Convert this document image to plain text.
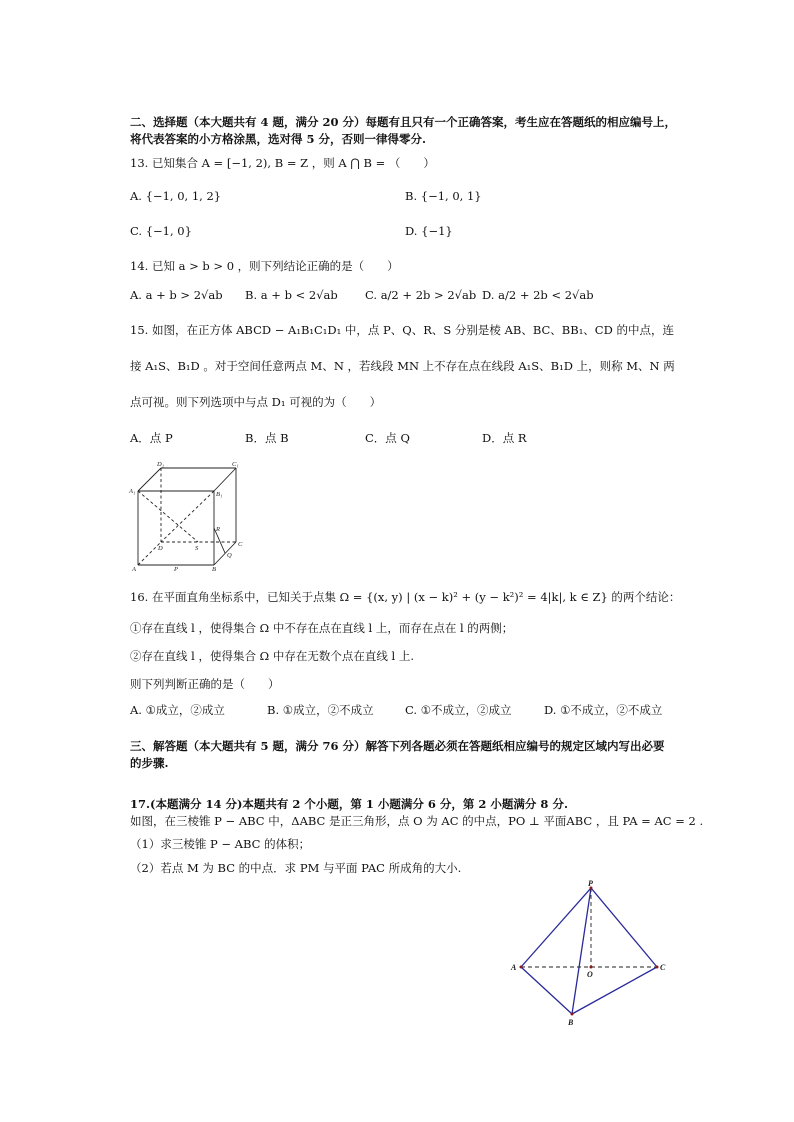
二、选择题（本大题共有 4 题，满分 20 分）每题有且只有一个正确答案，考生应在答题纸的相应编号上，
将代表答案的小方格涂黑，选对得 5 分，否则一律得零分.
13. 已知集合 A = [−1, 2), B = Z ，则 A ⋂ B = （　　）
A. {−1, 0, 1, 2}	B. {−1, 0, 1}
C. {−1, 0}	D. {−1}
14. 已知 a > b > 0 ，则下列结论正确的是（　　）
A. a + b > 2√ab B. a + b < 2√ab C. a/2 + 2b > 2√ab D. a/2 + 2b < 2√ab
15. 如图，在正方体 ABCD − A₁B₁C₁D₁ 中，点 P、Q、R、S 分别是棱 AB、BC、BB₁、CD 的中点，连
接 A₁S、B₁D 。对于空间任意两点 M、N ，若线段 MN 上不存在点在线段 A₁S、B₁D 上，则称 M、N 两
点可视。则下列选项中与点 D₁ 可视的为（　　）
A．点 P	B．点 B	C．点 Q	D．点 R
D₁	C₁
A₁	B₁
R
D	S
C
Q
A	P	B
16. 在平面直角坐标系中，已知关于点集 Ω = {(x, y) | (x − k)² + (y − k²)² = 4|k|, k ∈ Z} 的两个结论：
①存在直线 l ，使得集合 Ω 中不存在点在直线 l 上，而存在点在 l 的两侧；
②存在直线 l ，使得集合 Ω 中存在无数个点在直线 l 上.
则下列判断正确的是（　　）
A. ①成立，②成立	B. ①成立，②不成立	C. ①不成立，②成立	D. ①不成立，②不成立
三、解答题（本大题共有 5 题，满分 76 分）解答下列各题必须在答题纸相应编号的规定区域内写出必要
的步骤.
17.(本题满分 14 分)本题共有 2 个小题，第 1 小题满分 6 分，第 2 小题满分 8 分.
如图，在三棱锥 P − ABC 中，ΔABC 是正三角形，点 O 为 AC 的中点，PO ⊥ 平面ABC ，且 PA = AC = 2 .
（1）求三棱锥 P − ABC 的体积；
（2）若点 M 为 BC 的中点．求 PM 与平面 PAC 所成角的大小.
P
A
O
C
B
